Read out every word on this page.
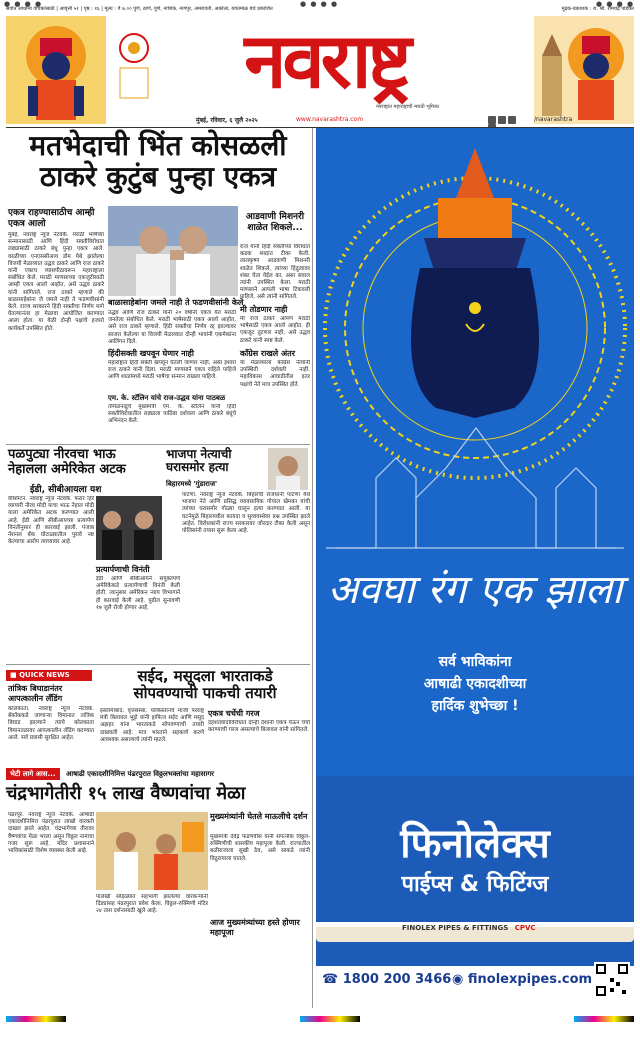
● ● ● ●	● ● ● ●	● ● ● ●
सर्वात आधान्य वाचकांसाठी | आवृत्ती ५१ | पृष्ठ : १६ | मूल्य : ₹ ७.०० पुणे, ठाणे, पुणे, नाशिक, नागपूर, अमरावती, अकोला, यवतमाळ येथे प्रकाशित	मुद्रक-प्रकाशक : रा. श्री. रामचंद्र पांडेकर
नवराष्ट्र
नवराष्ट्रात महाराष्ट्राची मराठी भूमिका
मुंबई, रविवार, ६ जुलै २०२५	www.navarashtra.com	/navarashtra
मतभेदाची भिंत कोसळली
ठाकरे कुटुंब पुन्हा एकत्र
एकत्र राहण्यासाठीच आम्ही एकत्र आलो
मुंबई, नवराष्ट्र न्यूज नेटवर्क. मराठी भाषेच्या सन्मानासाठी आणि हिंदी सक्तीविरोधात लढ्यासाठी ठाकरे बंधू पुन्हा एकत्र आले. वरळीच्या एनएससीआय डोम येथे झालेल्या विजयी मेळाव्यात उद्धव ठाकरे आणि राज ठाकरे यांनी एकाच व्यासपीठावरून महाराष्ट्राला संबोधित केले. मराठी माणसाच्या एकजुटीसाठी आम्ही एकत्र आलो आहोत, असे उद्धव ठाकरे यांनी सांगितले. राज ठाकरे म्हणाले की बाळासाहेबांना जे जमले नाही ते फडणवीसांनी केले. राज्य सरकारने हिंदी सक्तीचा निर्णय मागे घेतल्यानंतर हा मेळावा आयोजित करण्यात आला होता. या वेळी दोन्ही पक्षांचे हजारो कार्यकर्ते उपस्थित होते.
आडवाणी मिशनरी शाळेत शिकले...
राज यांनी हिंदी सक्तीच्या विरोधात कडक शब्दांत टीका केली. लालकृष्ण आडवाणी मिशनरी शाळेत शिकले, त्यांच्या हिंदुत्वावर शंका घेता येईल का, असा सवाल त्यांनी उपस्थित केला. मराठी माणसाने आपली भाषा टिकवली पाहिजे, असे त्यांनी सांगितले.
बाळासाहेबांना जमले नाही ते फडणवीसांनी केले
उद्धव आणि राज ठाकरे यांनी २० वर्षांनी एकत्र येत मराठी जनतेला संबोधित केले. मराठी भाषेसाठी एकत्र आलो आहोत, असे राज ठाकरे म्हणाले. हिंदी सक्तीचा निर्णय रद्द झाल्यावर साजरा केलेल्या या विजयी मेळाव्यात दोन्ही भावांनी एकमेकांना आलिंगन दिले.
मी तोडणार नाही
मी राज ठाकरे आपण मराठी भाषेसाठी एकत्र आलो आहोत. ही एकजूट तुटणार नाही, असे उद्धव ठाकरे यांनी स्पष्ट केले.
हिंदीसक्ती खपवून घेणार नाही
महाराष्ट्रात हिंदी सक्ती खपवून घेतली जाणार नाही, असा इशारा राज ठाकरे यांनी दिला. मराठी माणसाने एकत्र राहिले पाहिजे आणि शाळांमध्ये मराठी भाषेचा सन्मान राखला पाहिजे.
काँग्रेस राखले अंतर
या मेळाव्याला काँग्रेस नेत्यांनी उपस्थिती दर्शवली नाही. महाविकास आघाडीतील इतर पक्षांचे नेते मात्र उपस्थित होते.
एम. के. स्टॅलिन यांचे राज-उद्धव यांना पाठबळ
तमिळनाडूचे मुख्यमंत्री एम. के. स्टॅलिन यांनी हिंदी सक्तीविरोधातील लढ्याला पाठिंबा दर्शवला आणि ठाकरे बंधूंचे अभिनंदन केले.
पळपुट्या नीरवचा भाऊ
नेहालला अमेरिकेत अटक
ईडी, सीबीआयला यश
वॉशिंग्टन. नवराष्ट्र न्यूज नेटवर्क. फरार हिरे व्यापारी नीरव मोदी याचा भाऊ नेहाल मोदी याला अमेरिकेत अटक करण्यात आली आहे. ईडी आणि सीबीआयच्या प्रत्यार्पण विनंतीनुसार ही कारवाई झाली. पंजाब नॅशनल बँक घोटाळ्यातील पुरावे नष्ट केल्याचा आरोप त्याच्यावर आहे.
प्रत्यार्पणाची विनंती
ईडी आणि सीबीआयने संयुक्तपणे अमेरिकेकडे प्रत्यार्पणाची विनंती केली होती. त्यानुसार अमेरिकन न्याय विभागाने ही कारवाई केली आहे. पुढील सुनावणी १७ जुलै रोजी होणार आहे.
भाजपा नेत्याची
घरासमोर हत्या
बिहारमध्ये 'गुंडाराज'
पाटणा. नवराष्ट्र न्यूज नेटवर्क. बिहारची राजधानी पाटणा येथे भाजपा नेते आणि प्रसिद्ध व्यावसायिक गोपाल खेमका यांची त्यांच्या घरासमोर गोळ्या घालून हत्या करण्यात आली. या घटनेमुळे बिहारमधील कायदा व सुव्यवस्थेवर प्रश्न उपस्थित झाले आहेत. विरोधकांनी राज्य सरकारवर जोरदार टीका केली असून पोलिसांनी तपास सुरू केला आहे.
■ QUICK NEWS
तांत्रिक बिघाडानंतर आपत्कालीन लँडिंग
कोलकाता. नवराष्ट्र न्यूज नेटवर्क. बँकॉककडे जाणाऱ्या विमानात तांत्रिक बिघाड झाल्याने त्याचे कोलकाता विमानतळावर आपत्कालीन लँडिंग करण्यात आले. सर्व प्रवासी सुरक्षित आहेत.
सईद, मसूदला भारताकडे
सोपवण्याची पाकची तयारी
इस्लामाबाद. वृत्तसंस्था. पाकिस्तानचे माजी परराष्ट्र मंत्री बिलावल भुट्टो यांनी हाफिज सईद आणि मसूद अझहर यांना भारताकडे सोपवण्याची तयारी दाखवली आहे. मात्र भारताने सहकार्य करणे आवश्यक असल्याचे त्यांनी म्हटले.
एकत्र चर्चेची गरज
दहशतवादाविरोधात दोन्ही देशांनी एकत्र येऊन चर्चा करण्याची गरज असल्याचे बिलावल यांनी सांगितले.
भेटी लागे आस... आषाढी एकादशीनिमित्त पंढरपुरात विठ्ठलभक्तांचा महासागर
चंद्रभागेतीरी १५ लाख वैष्णवांचा मेळा
पंढरपूर. नवराष्ट्र न्यूज नेटवर्क. आषाढी एकादशीनिमित्त पंढरपुरात लाखो वारकरी दाखल झाले आहेत. चंद्रभागेच्या तीरावर वैष्णवांचा मेळा भरला असून विठ्ठल नामाचा गजर सुरू आहे. मंदिर प्रशासनाने भाविकांसाठी विशेष व्यवस्था केली आहे.
पालखी सोहळ्यात सहभागी झालेल्या वारकऱ्यांनी दिंड्यांसह पंढरपुरात प्रवेश केला. विठ्ठल-रुक्मिणी मंदिर २४ तास दर्शनासाठी खुले आहे.
मुख्यमंत्र्यांनी घेतले माऊलीचे दर्शन
मुख्यमंत्री देवेंद्र फडणवीस यांनी सपत्नीक विठ्ठल-रुक्मिणीची शासकीय महापूजा केली. राज्यातील बळीराजाला सुखी ठेव, असे साकडे त्यांनी विठुरायाला घातले.
आज मुख्यमंत्र्यांच्या हस्ते होणार महापूजा
अवघा रंग एक झाला
सर्व भाविकांना
आषाढी एकादशीच्या
हार्दिक शुभेच्छा !
फिनोलेक्स
पाईप्स & फिटिंग्ज
FINOLEX PIPES & FITTINGS CPVC
☎ 1800 200 3466 ◉ finolexpipes.com
